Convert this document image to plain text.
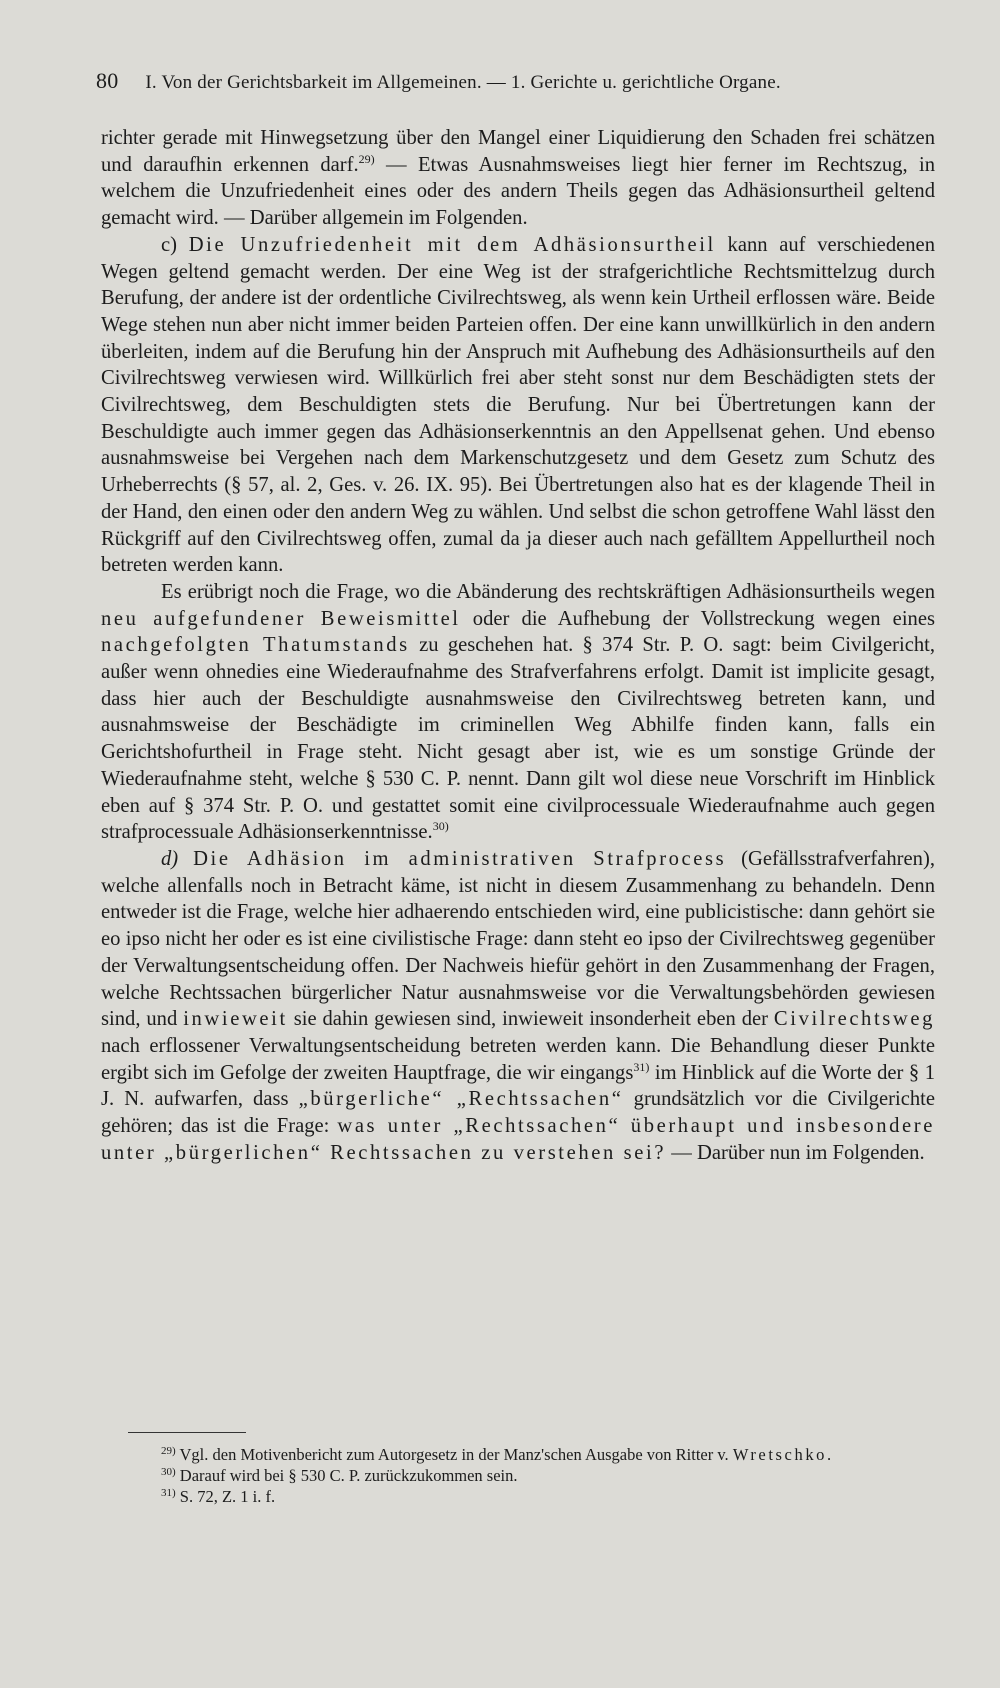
80 I. Von der Gerichtsbarkeit im Allgemeinen. — 1. Gerichte u. gerichtliche Organe.

richter gerade mit Hinwegsetzung über den Mangel einer Liquidierung den Schaden frei schätzen und daraufhin erkennen darf.$^{29)}$ — Etwas Ausnahmsweises liegt hier ferner im Rechtszug, in welchem die Unzufriedenheit eines oder des andern Theils gegen das Adhäsionsurtheil geltend gemacht wird. — Darüber allgemein im Folgenden.

c) Die Unzufriedenheit mit dem Adhäsionsurtheil kann auf verschiedenen Wegen geltend gemacht werden. Der eine Weg ist der strafgerichtliche Rechtsmittelzug durch Berufung, der andere ist der ordentliche Civilrechtsweg, als wenn kein Urtheil erflossen wäre. Beide Wege stehen nun aber nicht immer beiden Parteien offen. Der eine kann unwillkürlich in den andern überleiten, indem auf die Berufung hin der Anspruch mit Aufhebung des Adhäsionsurtheils auf den Civilrechtsweg verwiesen wird. Willkürlich frei aber steht sonst nur dem Beschädigten stets der Civilrechtsweg, dem Beschuldigten stets die Berufung. Nur bei Übertretungen kann der Beschuldigte auch immer gegen das Adhäsionserkenntnis an den Appellsenat gehen. Und ebenso ausnahmsweise bei Vergehen nach dem Markenschutzgesetz und dem Gesetz zum Schutz des Urheberrechts (§ 57, al. 2, Ges. v. 26. IX. 95). Bei Übertretungen also hat es der klagende Theil in der Hand, den einen oder den andern Weg zu wählen. Und selbst die schon getroffene Wahl lässt den Rückgriff auf den Civilrechtsweg offen, zumal da ja dieser auch nach gefälltem Appellurtheil noch betreten werden kann.

Es erübrigt noch die Frage, wo die Abänderung des rechtskräftigen Adhäsionsurtheils wegen neu aufgefundener Beweismittel oder die Aufhebung der Vollstreckung wegen eines nachgefolgten Thatumstands zu geschehen hat. § 374 Str. P. O. sagt: beim Civilgericht, außer wenn ohnedies eine Wiederaufnahme des Strafverfahrens erfolgt. Damit ist implicite gesagt, dass hier auch der Beschuldigte ausnahmsweise den Civilrechtsweg betreten kann, und ausnahmsweise der Beschädigte im criminellen Weg Abhilfe finden kann, falls ein Gerichtshofurtheil in Frage steht. Nicht gesagt aber ist, wie es um sonstige Gründe der Wiederaufnahme steht, welche § 530 C. P. nennt. Dann gilt wol diese neue Vorschrift im Hinblick eben auf § 374 Str. P. O. und gestattet somit eine civilprocessuale Wiederaufnahme auch gegen strafprocessuale Adhäsionserkenntnisse.$^{30)}$

d) Die Adhäsion im administrativen Strafprocess (Gefällsstrafverfahren), welche allenfalls noch in Betracht käme, ist nicht in diesem Zusammenhang zu behandeln. Denn entweder ist die Frage, welche hier adhaerendo entschieden wird, eine publicistische: dann gehört sie eo ipso nicht her oder es ist eine civilistische Frage: dann steht eo ipso der Civilrechtsweg gegenüber der Verwaltungsentscheidung offen. Der Nachweis hiefür gehört in den Zusammenhang der Fragen, welche Rechtssachen bürgerlicher Natur ausnahmsweise vor die Verwaltungsbehörden gewiesen sind, und inwieweit sie dahin gewiesen sind, inwieweit insonderheit eben der Civilrechtsweg nach erflossener Verwaltungsentscheidung betreten werden kann. Die Behandlung dieser Punkte ergibt sich im Gefolge der zweiten Hauptfrage, die wir eingangs$^{31)}$ im Hinblick auf die Worte der § 1 J. N. aufwarfen, dass „bürgerliche“ „Rechtssachen“ grundsätzlich vor die Civilgerichte gehören; das ist die Frage: was unter „Rechtssachen“ überhaupt und insbesondere unter „bürgerlichen“ Rechtssachen zu verstehen sei? — Darüber nun im Folgenden.

$^{29)}$ Vgl. den Motivenbericht zum Autorgesetz in der Manz'schen Ausgabe von Ritter v. Wretschko.

$^{30)}$ Darauf wird bei § 530 C. P. zurückzukommen sein.

$^{31)}$ S. 72, Z. 1 i. f.
